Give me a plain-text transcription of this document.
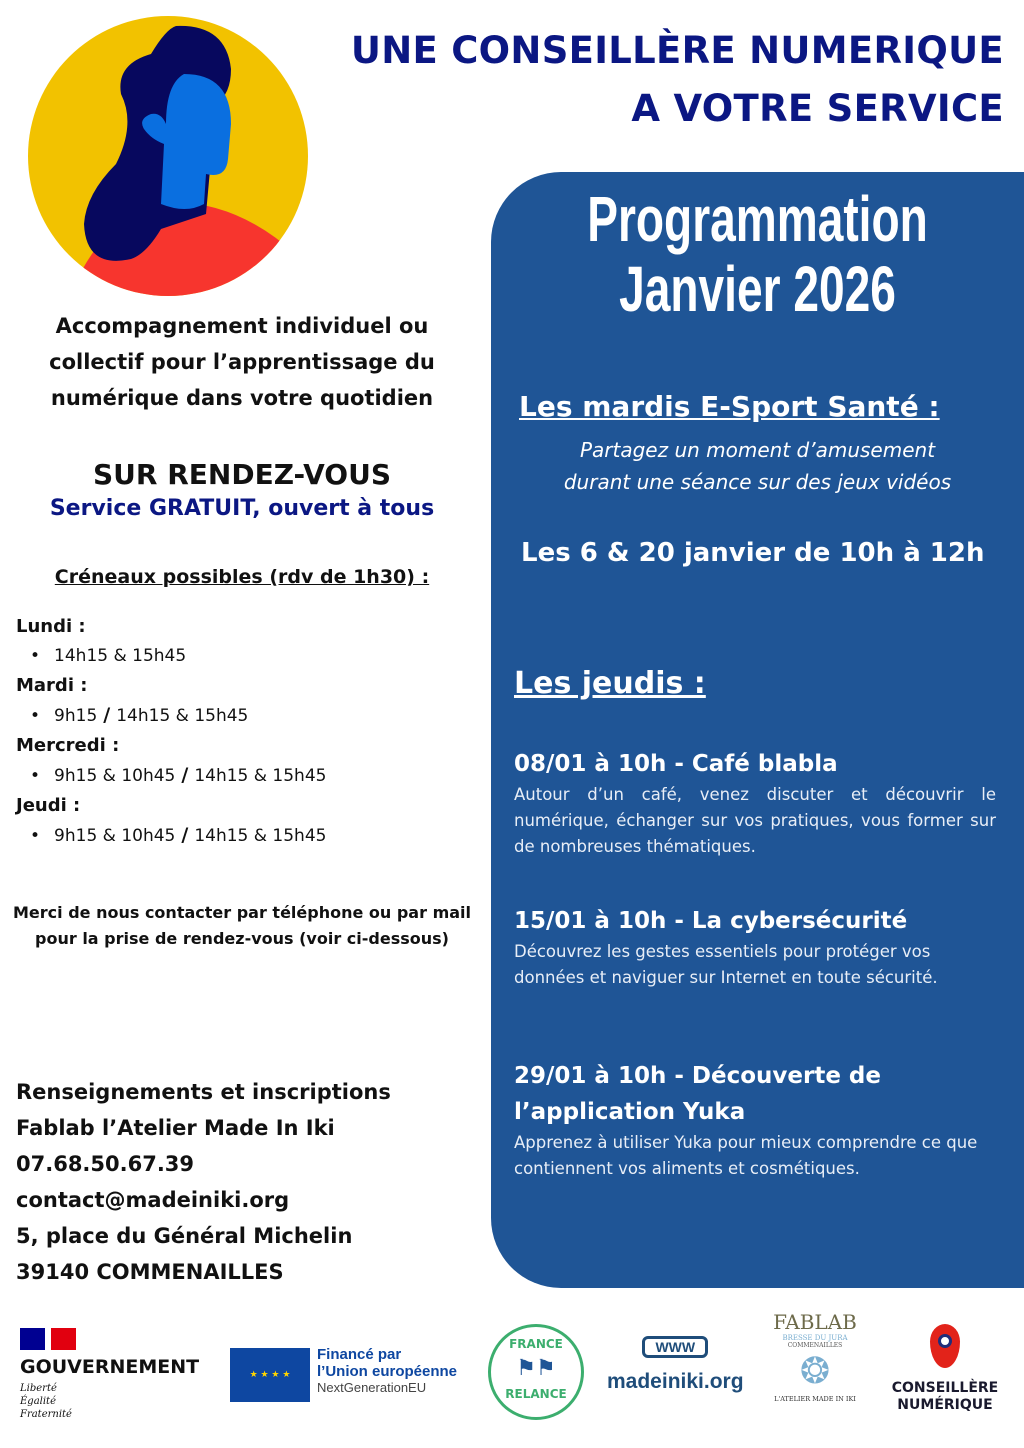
UNE CONSEILLÈRE NUMERIQUE
A VOTRE SERVICE
Accompagnement individuel ou collectif pour l’apprentissage du numérique dans votre quotidien
SUR RENDEZ-VOUS
Service GRATUIT, ouvert à tous
Créneaux possibles (rdv de 1h30) :
Lundi :
• 14h15 & 15h45
Mardi :
• 9h15 / 14h15 & 15h45
Mercredi :
• 9h15 & 10h45 / 14h15 & 15h45
Jeudi :
• 9h15 & 10h45 / 14h15 & 15h45
Merci de nous contacter par téléphone ou par mail pour la prise de rendez-vous (voir ci-dessous)
Renseignements et inscriptions
Fablab l’Atelier Made In Iki
07.68.50.67.39
contact@madeiniki.org
5, place du Général Michelin
39140 COMMENAILLES
Programmation
Janvier 2026
Les mardis E-Sport Santé :
Partagez un moment d’amusement
durant une séance sur des jeux vidéos
Les 6 & 20 janvier de 10h à 12h
Les jeudis :
08/01 à 10h - Café blabla
Autour d’un café, venez discuter et découvrir le numérique, échanger sur vos pratiques, vous former sur de nombreuses thématiques.
15/01 à 10h - La cybersécurité
Découvrez les gestes essentiels pour protéger vos données et naviguer sur Internet en toute sécurité.
29/01 à 10h - Découverte de l’application Yuka
Apprenez à utiliser Yuka pour mieux comprendre ce que contiennent vos aliments et cosmétiques.
GOUVERNEMENT
Liberté
Égalité
Fraternité
★ ★ ★ ★
Financé par
l’Union européenne
NextGenerationEU
FRANCE
⚑⚑
RELANCE
WWW
madeiniki.org
FABLAB
BRESSE DU JURA
COMMENAILLES
❂
L'ATELIER MADE IN IKI
CONSEILLÈRE
NUMÉRIQUE
